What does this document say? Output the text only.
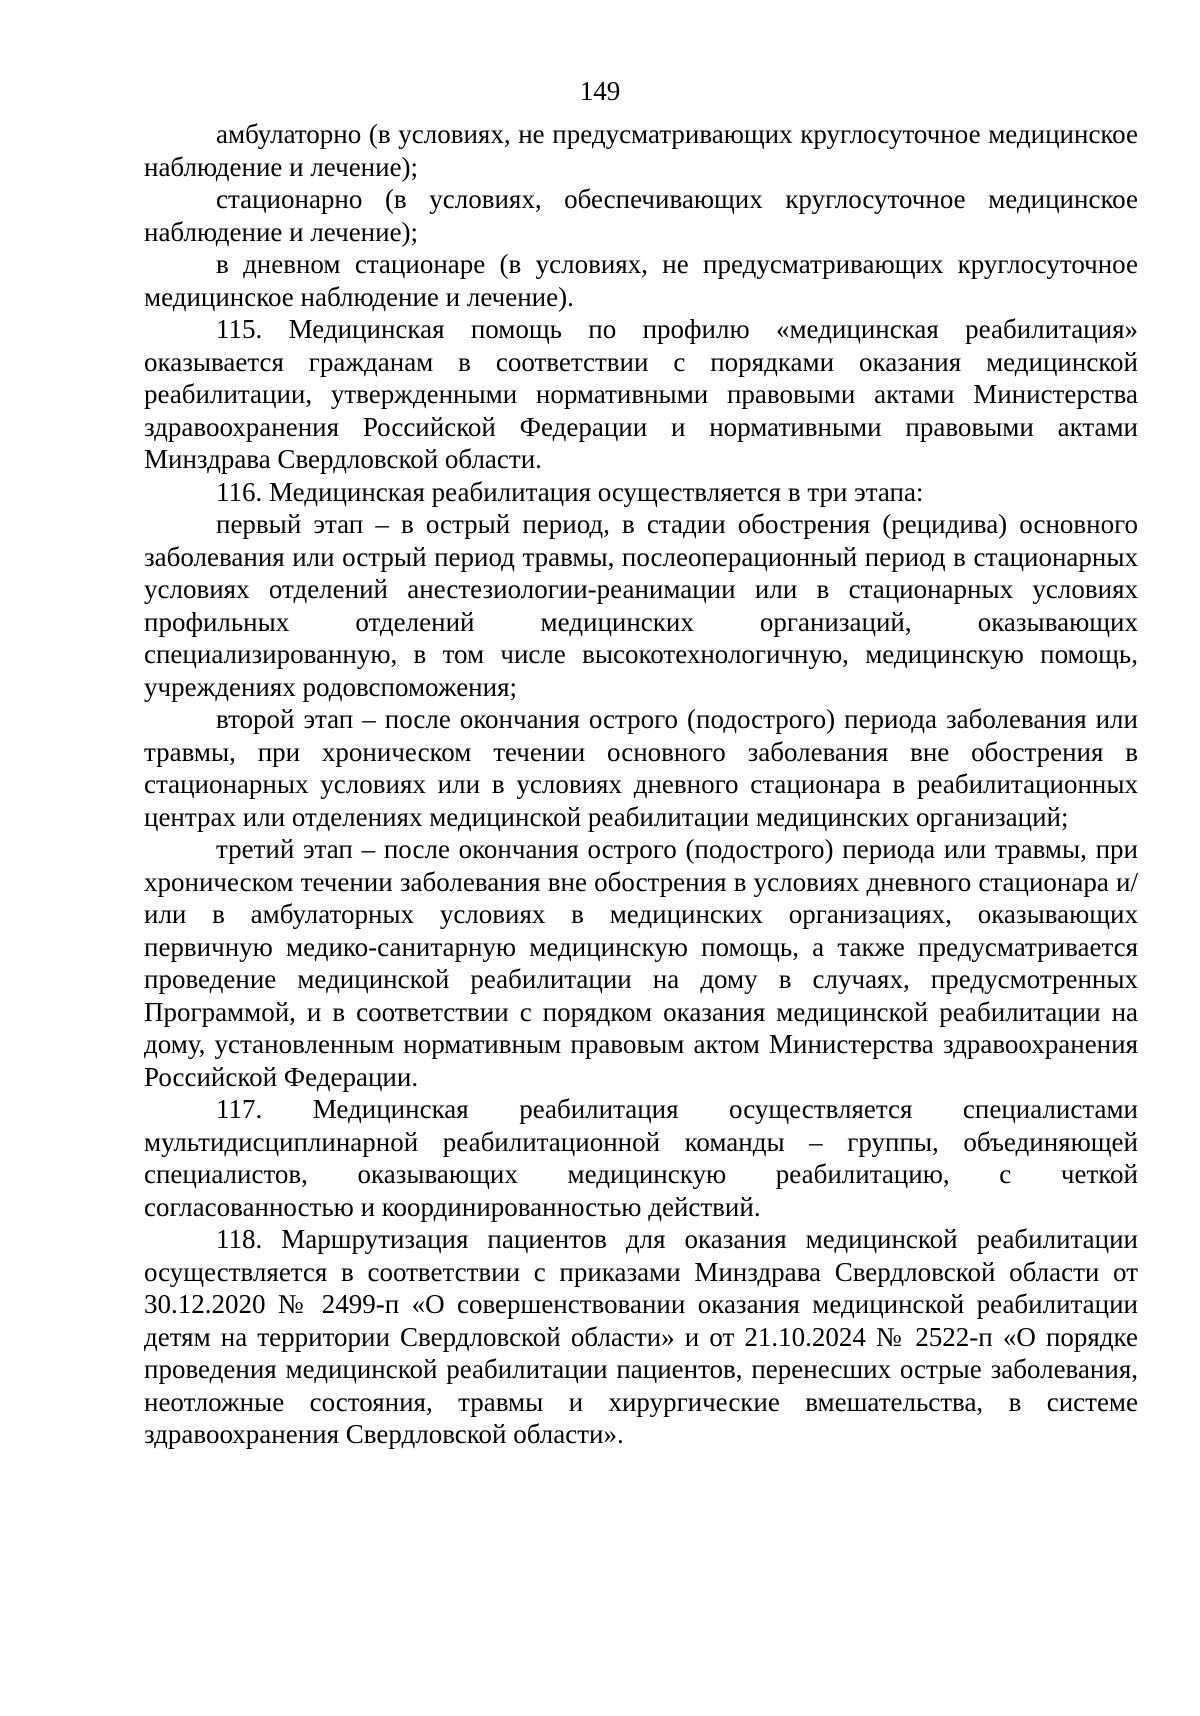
149

амбулаторно (в условиях, не предусматривающих круглосуточное медицинское наблюдение и лечение);

стационарно (в условиях, обеспечивающих круглосуточное медицинское наблюдение и лечение);

в дневном стационаре (в условиях, не предусматривающих круглосуточное медицинское наблюдение и лечение).

115. Медицинская помощь по профилю «медицинская реабилитация» оказывается гражданам в соответствии с порядками оказания медицинской реабилитации, утвержденными нормативными правовыми актами Министерства здравоохранения Российской Федерации и нормативными правовыми актами Минздрава Свердловской области.

116. Медицинская реабилитация осуществляется в три этапа:

первый этап – в острый период, в стадии обострения (рецидива) основного заболевания или острый период травмы, послеоперационный период в стационарных условиях отделений анестезиологии-реанимации или в стационарных условиях профильных отделений медицинских организаций, оказывающих специализированную, в том числе высокотехнологичную, медицинскую помощь, учреждениях родовспоможения;

второй этап – после окончания острого (подострого) периода заболевания или травмы, при хроническом течении основного заболевания вне обострения в стационарных условиях или в условиях дневного стационара в реабилитационных центрах или отделениях медицинской реабилитации медицинских организаций;

третий этап – после окончания острого (подострого) периода или травмы, при хроническом течении заболевания вне обострения в условиях дневного стационара и/или в амбулаторных условиях в медицинских организациях, оказывающих первичную медико-санитарную медицинскую помощь, а также предусматривается проведение медицинской реабилитации на дому в случаях, предусмотренных Программой, и в соответствии с порядком оказания медицинской реабилитации на дому, установленным нормативным правовым актом Министерства здравоохранения Российской Федерации.

117. Медицинская реабилитация осуществляется специалистами мультидисциплинарной реабилитационной команды – группы, объединяющей специалистов, оказывающих медицинскую реабилитацию, с четкой согласованностью и координированностью действий.

118. Маршрутизация пациентов для оказания медицинской реабилитации осуществляется в соответствии с приказами Минздрава Свердловской области от 30.12.2020 № 2499-п «О совершенствовании оказания медицинской реабилитации детям на территории Свердловской области» и от 21.10.2024 № 2522-п «О порядке проведения медицинской реабилитации пациентов, перенесших острые заболевания, неотложные состояния, травмы и хирургические вмешательства, в системе здравоохранения Свердловской области».
